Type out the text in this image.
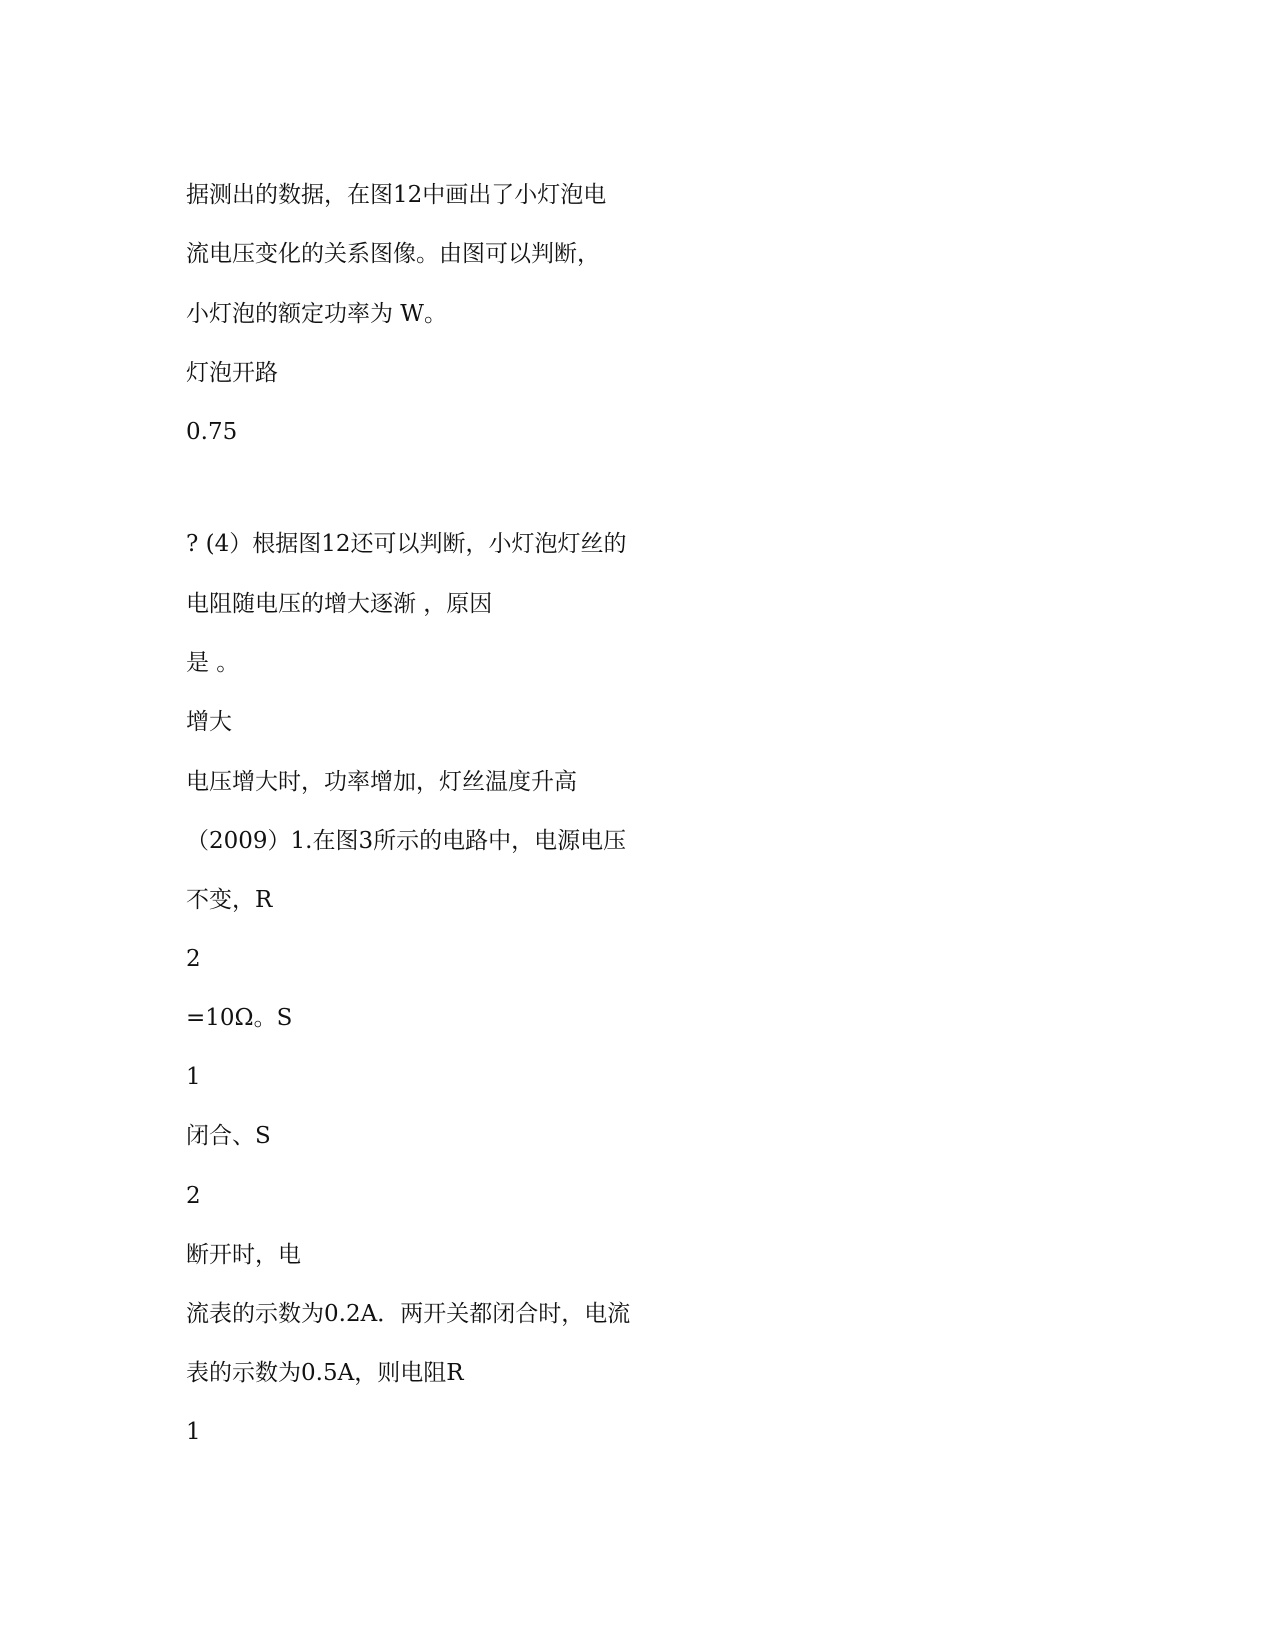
据测出的数据，在图12中画出了小灯泡电
流电压变化的关系图像。由图可以判断，
小灯泡的额定功率为 W。
灯泡开路
0.75
? (4）根据图12还可以判断，小灯泡灯丝的
电阻随电压的增大逐渐 ，原因
是 。
增大
电压增大时，功率增加，灯丝温度升高
（2009）1.在图3所示的电路中，电源电压
不变，R
2
=10Ω。S
1
闭合、S
2
断开时，电
流表的示数为0.2A．两开关都闭合时，电流
表的示数为0.5A，则电阻R
1
